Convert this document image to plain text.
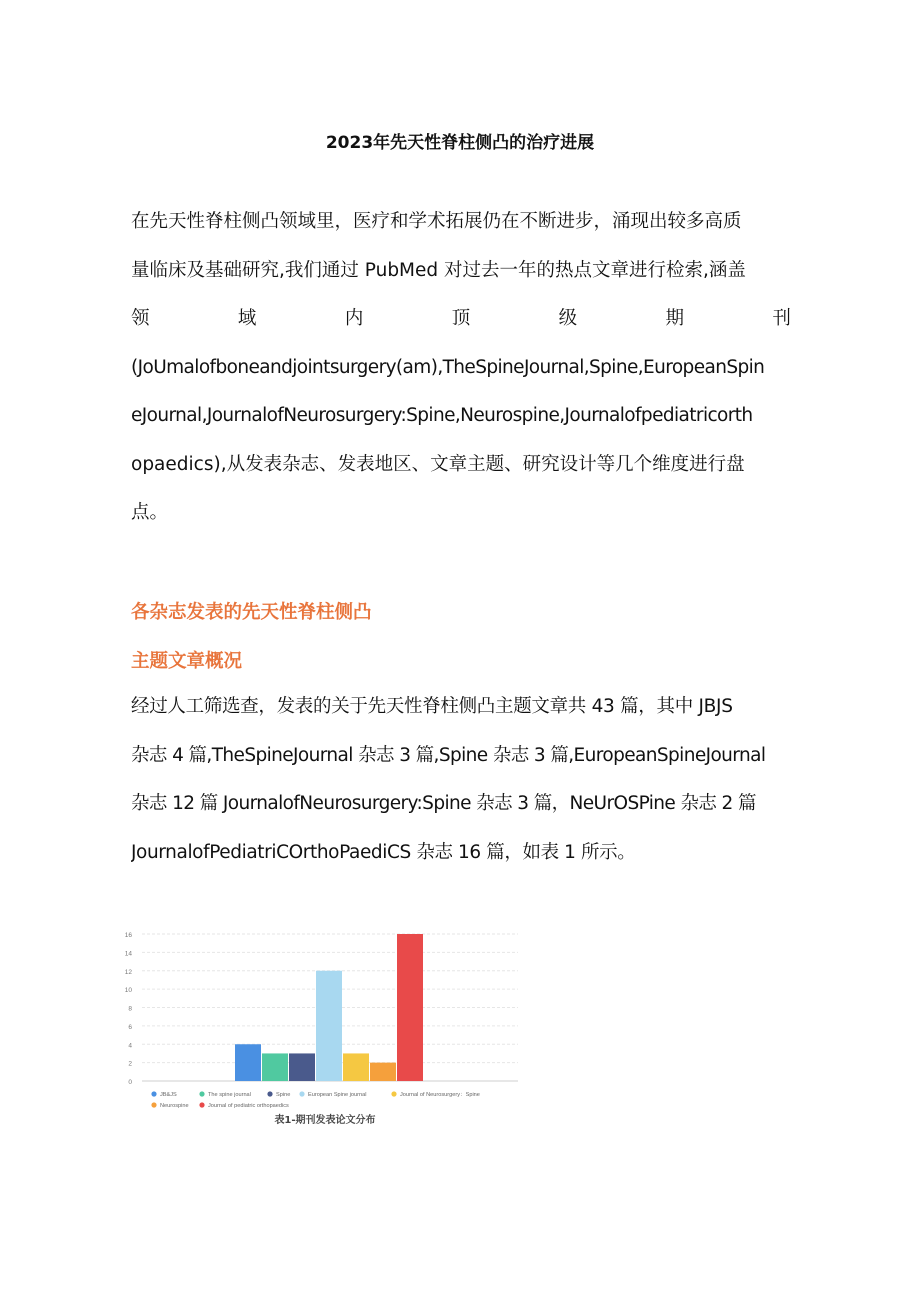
2023年先天性脊柱侧凸的治疗进展
在先天性脊柱侧凸领域里，医疗和学术拓展仍在不断进步，涌现出较多高质
量临床及基础研究,我们通过 PubMed 对过去一年的热点文章进行检索,涵盖
领	域	内	顶	级	期	刊
(JoUmalofboneandjointsurgery(am),TheSpineJournal,Spine,EuropeanSpin
eJournal,JournalofNeurosurgery:Spine,Neurospine,Journalofpediatricorth
opaedics),从发表杂志、发表地区、文章主题、研究设计等几个维度进行盘
点。
各杂志发表的先天性脊柱侧凸
主题文章概况
经过人工筛选查，发表的关于先天性脊柱侧凸主题文章共 43 篇，其中 JBJS
杂志 4 篇,TheSpineJournal 杂志 3 篇,Spine 杂志 3 篇,EuropeanSpineJournal
杂志 12 篇 JournalofNeurosurgery:Spine 杂志 3 篇，NeUrOSPine 杂志 2 篇
JournalofPediatriCOrthoPaediCS 杂志 16 篇，如表 1 所示。
0
2
4
6
8
10
12
14
16
JB&JS	The spine journal	Spine	European Spine journal	Journal of Neurosurgery：Spine
Neurospine	Journal of pediatric orthopaedics
表1-期刊发表论文分布
